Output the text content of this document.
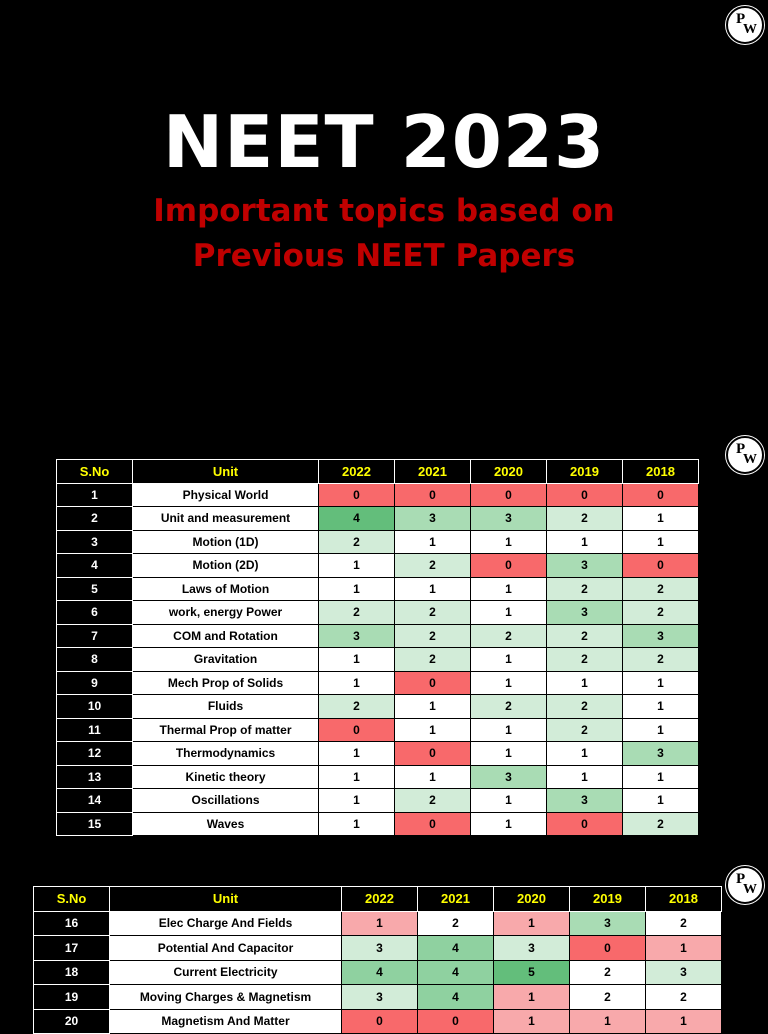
P
W
P
W
P
W
NEET 2023
Important topics based on
Previous NEET Papers
S.No	Unit	2022	2021	2020	2019	2018
1	Physical World	0	0	0	0	0
2	Unit and measurement	4	3	3	2	1
3	Motion (1D)	2	1	1	1	1
4	Motion (2D)	1	2	0	3	0
5	Laws of Motion	1	1	1	2	2
6	work, energy Power	2	2	1	3	2
7	COM and Rotation	3	2	2	2	3
8	Gravitation	1	2	1	2	2
9	Mech Prop of Solids	1	0	1	1	1
10	Fluids	2	1	2	2	1
11	Thermal Prop of matter	0	1	1	2	1
12	Thermodynamics	1	0	1	1	3
13	Kinetic theory	1	1	3	1	1
14	Oscillations	1	2	1	3	1
15	Waves	1	0	1	0	2
S.No	Unit	2022	2021	2020	2019	2018
16	Elec Charge And Fields	1	2	1	3	2
17	Potential And Capacitor	3	4	3	0	1
18	Current Electricity	4	4	5	2	3
19	Moving Charges & Magnetism	3	4	1	2	2
20	Magnetism And Matter	0	0	1	1	1
